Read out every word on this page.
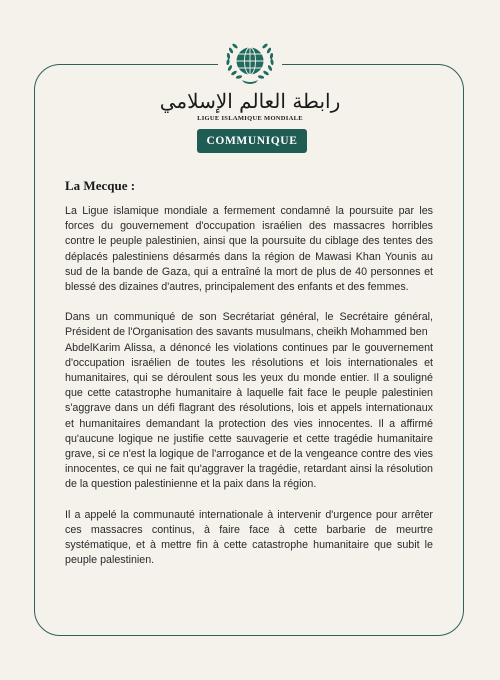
رابطة العالم الإسلامي
LIGUE ISLAMIQUE MONDIALE
COMMUNIQUE

La Mecque :

La Ligue islamique mondiale a fermement condamné la poursuite par les forces du gouvernement d'occupation israélien des massacres horribles contre le peuple palestinien, ainsi que la poursuite du ciblage des tentes des déplacés palestiniens désarmés dans la région de Mawasi Khan Younis au sud de la bande de Gaza, qui a entraîné la mort de plus de 40 personnes et blessé des dizaines d'autres, principalement des enfants et des femmes.

Dans un communiqué de son Secrétariat général, le Secrétaire général, Président de l'Organisation des savants musulmans, cheikh Mohammed ben
AbdelKarim Alissa, a dénoncé les violations continues par le gouvernement d'occupation israélien de toutes les résolutions et lois internationales et humanitaires, qui se déroulent sous les yeux du monde entier. Il a souligné que cette catastrophe humanitaire à laquelle fait face le peuple palestinien s'aggrave dans un défi flagrant des résolutions, lois et appels internationaux et humanitaires demandant la protection des vies innocentes. Il a affirmé qu'aucune logique ne justifie cette sauvagerie et cette tragédie humanitaire grave, si ce n'est la logique de l'arrogance et de la vengeance contre des vies innocentes, ce qui ne fait qu'aggraver la tragédie, retardant ainsi la résolution de la question palestinienne et la paix dans la région.

Il a appelé la communauté internationale à intervenir d'urgence pour arrêter ces massacres continus, à faire face à cette barbarie de meurtre systématique, et à mettre fin à cette catastrophe humanitaire que subit le peuple palestinien.
